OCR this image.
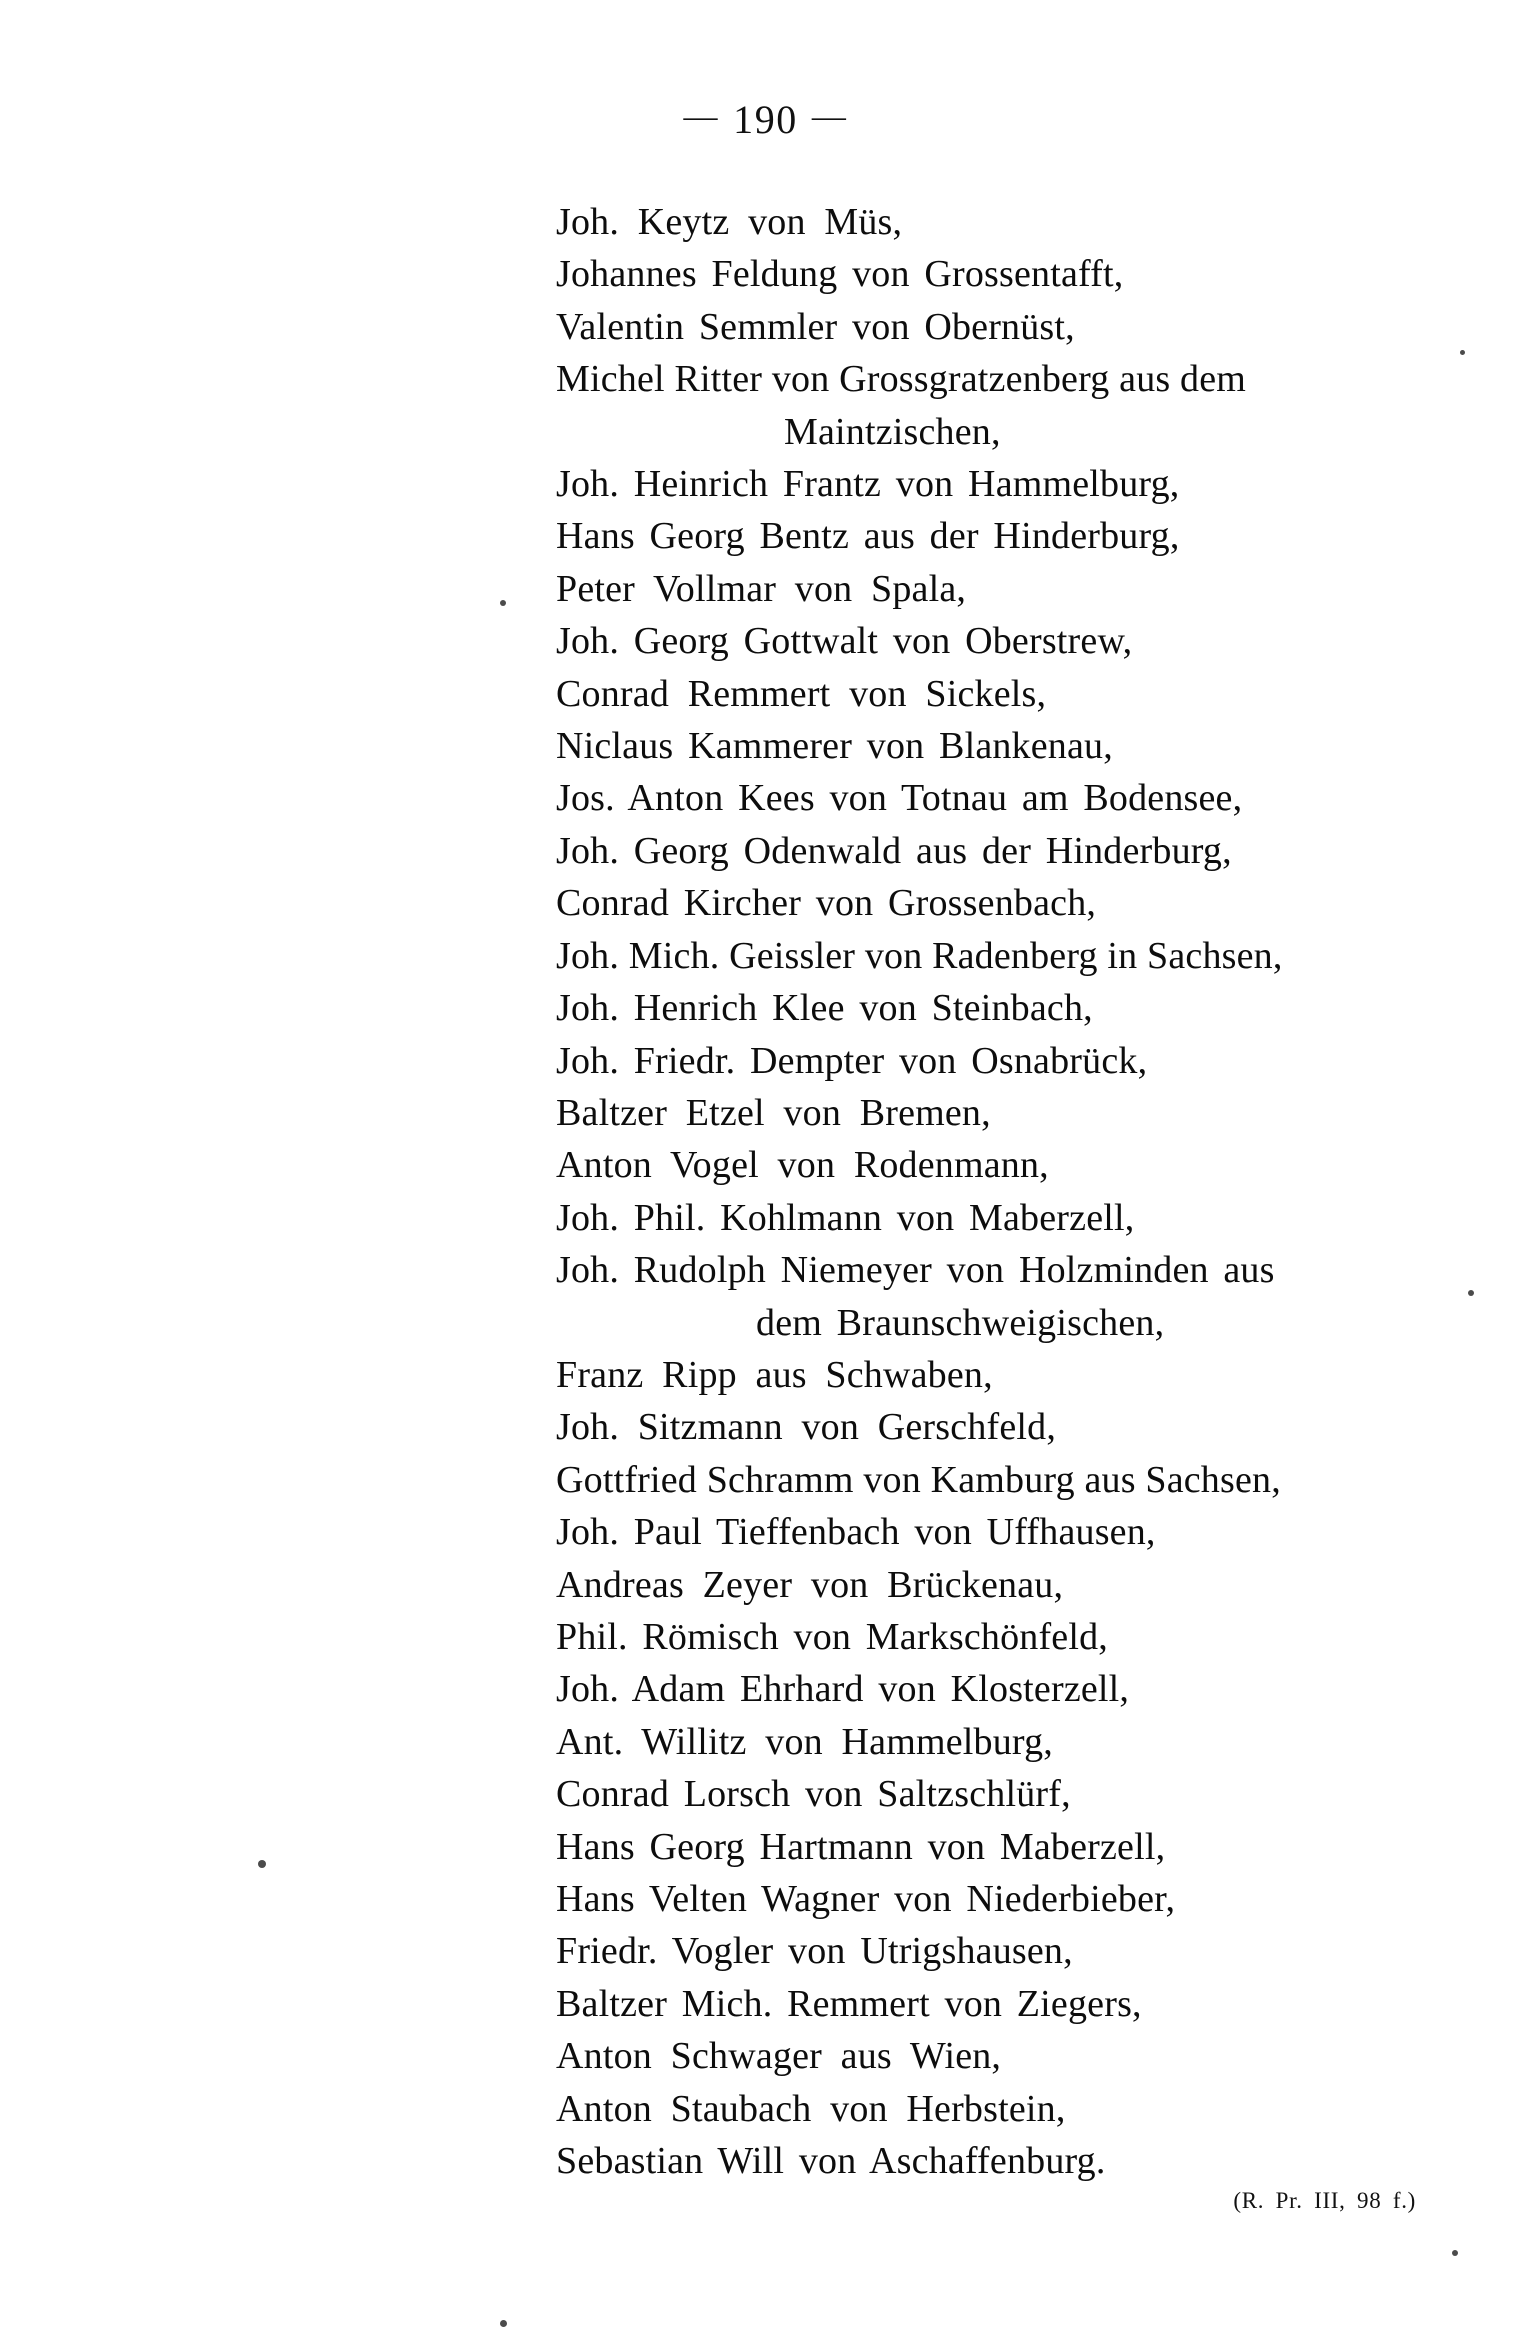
— 190 —
Joh. Keytz von Müs,
Johannes Feldung von Grossentafft,
Valentin Semmler von Obernüst,
Michel Ritter von Grossgratzenberg aus dem
Maintzischen,
Joh. Heinrich Frantz von Hammelburg,
Hans Georg Bentz aus der Hinderburg,
Peter Vollmar von Spala,
Joh. Georg Gottwalt von Oberstrew,
Conrad Remmert von Sickels,
Niclaus Kammerer von Blankenau,
Jos. Anton Kees von Totnau am Bodensee,
Joh. Georg Odenwald aus der Hinderburg,
Conrad Kircher von Grossenbach,
Joh. Mich. Geissler von Radenberg in Sachsen,
Joh. Henrich Klee von Steinbach,
Joh. Friedr. Dempter von Osnabrück,
Baltzer Etzel von Bremen,
Anton Vogel von Rodenmann,
Joh. Phil. Kohlmann von Maberzell,
Joh. Rudolph Niemeyer von Holzminden aus
dem Braunschweigischen,
Franz Ripp aus Schwaben,
Joh. Sitzmann von Gerschfeld,
Gottfried Schramm von Kamburg aus Sachsen,
Joh. Paul Tieffenbach von Uffhausen,
Andreas Zeyer von Brückenau,
Phil. Römisch von Markschönfeld,
Joh. Adam Ehrhard von Klosterzell,
Ant. Willitz von Hammelburg,
Conrad Lorsch von Saltzschlürf,
Hans Georg Hartmann von Maberzell,
Hans Velten Wagner von Niederbieber,
Friedr. Vogler von Utrigshausen,
Baltzer Mich. Remmert von Ziegers,
Anton Schwager aus Wien,
Anton Staubach von Herbstein,
Sebastian Will von Aschaffenburg.
(R. Pr. III, 98 f.)
